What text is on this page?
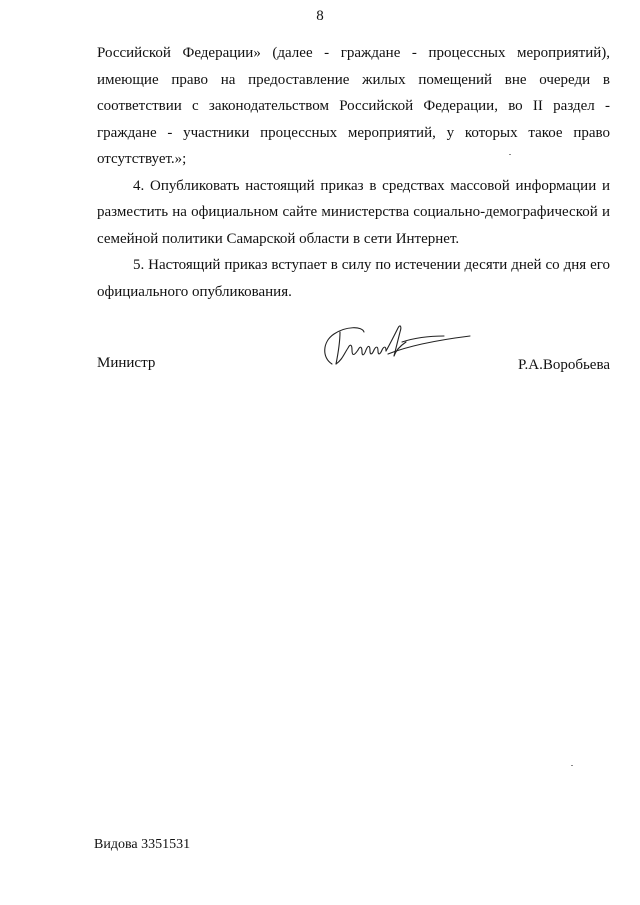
8

Российской Федерации» (далее - граждане - процессных мероприятий), имеющие право на предоставление жилых помещений вне очереди в соответствии с законодательством Российской Федерации, во II раздел - граждане - участники процессных мероприятий, у которых такое право отсутствует.»;

4. Опубликовать настоящий приказ в средствах массовой информации и разместить на официальном сайте министерства социально-демографической и семейной политики Самарской области в сети Интернет.

5. Настоящий приказ вступает в силу по истечении десяти дней со дня его официального опубликования.

Министр	Р.А.Воробьева
Видова 3351531
